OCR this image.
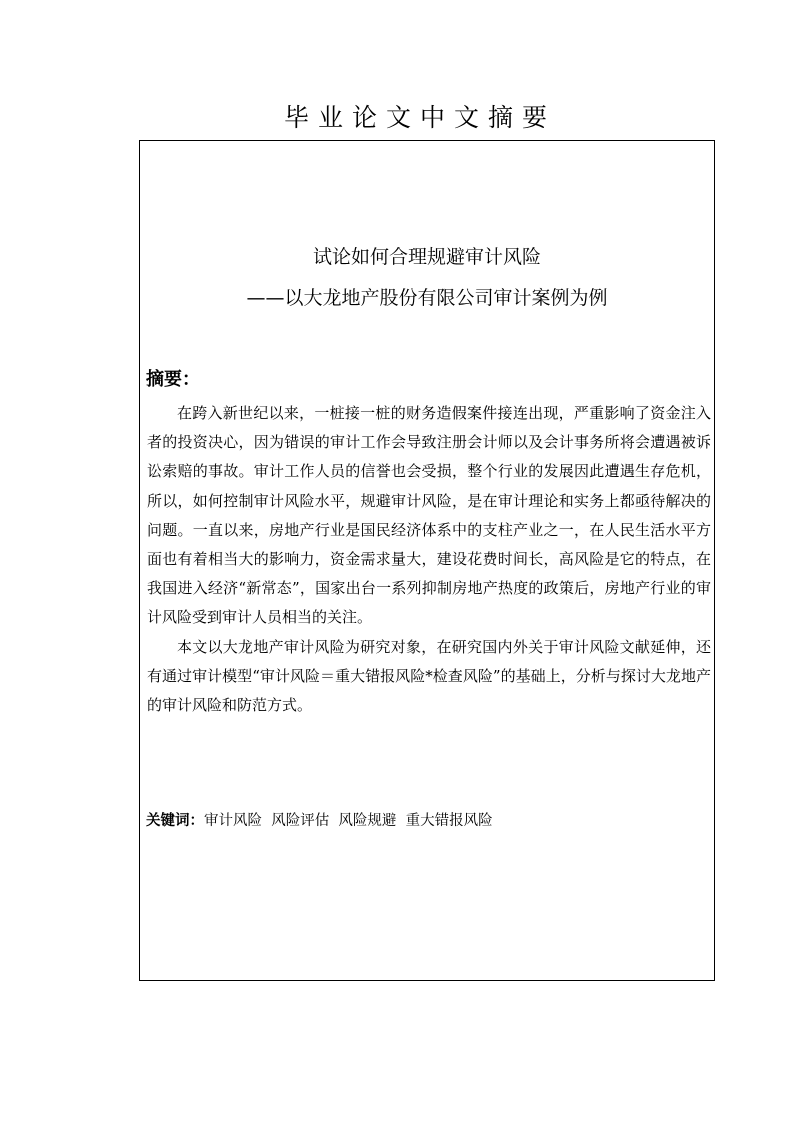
毕业论文中文摘要
试论如何合理规避审计风险
——以大龙地产股份有限公司审计案例为例
摘要：

在跨入新世纪以来，一桩接一桩的财务造假案件接连出现，严重影响了资金注入者的投资决心，因为错误的审计工作会导致注册会计师以及会计事务所将会遭遇被诉讼索赔的事故。审计工作人员的信誉也会受损，整个行业的发展因此遭遇生存危机，所以，如何控制审计风险水平，规避审计风险，是在审计理论和实务上都亟待解决的问题。一直以来，房地产行业是国民经济体系中的支柱产业之一，在人民生活水平方面也有着相当大的影响力，资金需求量大，建设花费时间长，高风险是它的特点，在我国进入经济“新常态”，国家出台一系列抑制房地产热度的政策后，房地产行业的审计风险受到审计人员相当的关注。

本文以大龙地产审计风险为研究对象，在研究国内外关于审计风险文献延伸，还有通过审计模型“审计风险＝重大错报风险*检查风险”的基础上，分析与探讨大龙地产的审计风险和防范方式。

关键词：审计风险  风险评估  风险规避  重大错报风险
